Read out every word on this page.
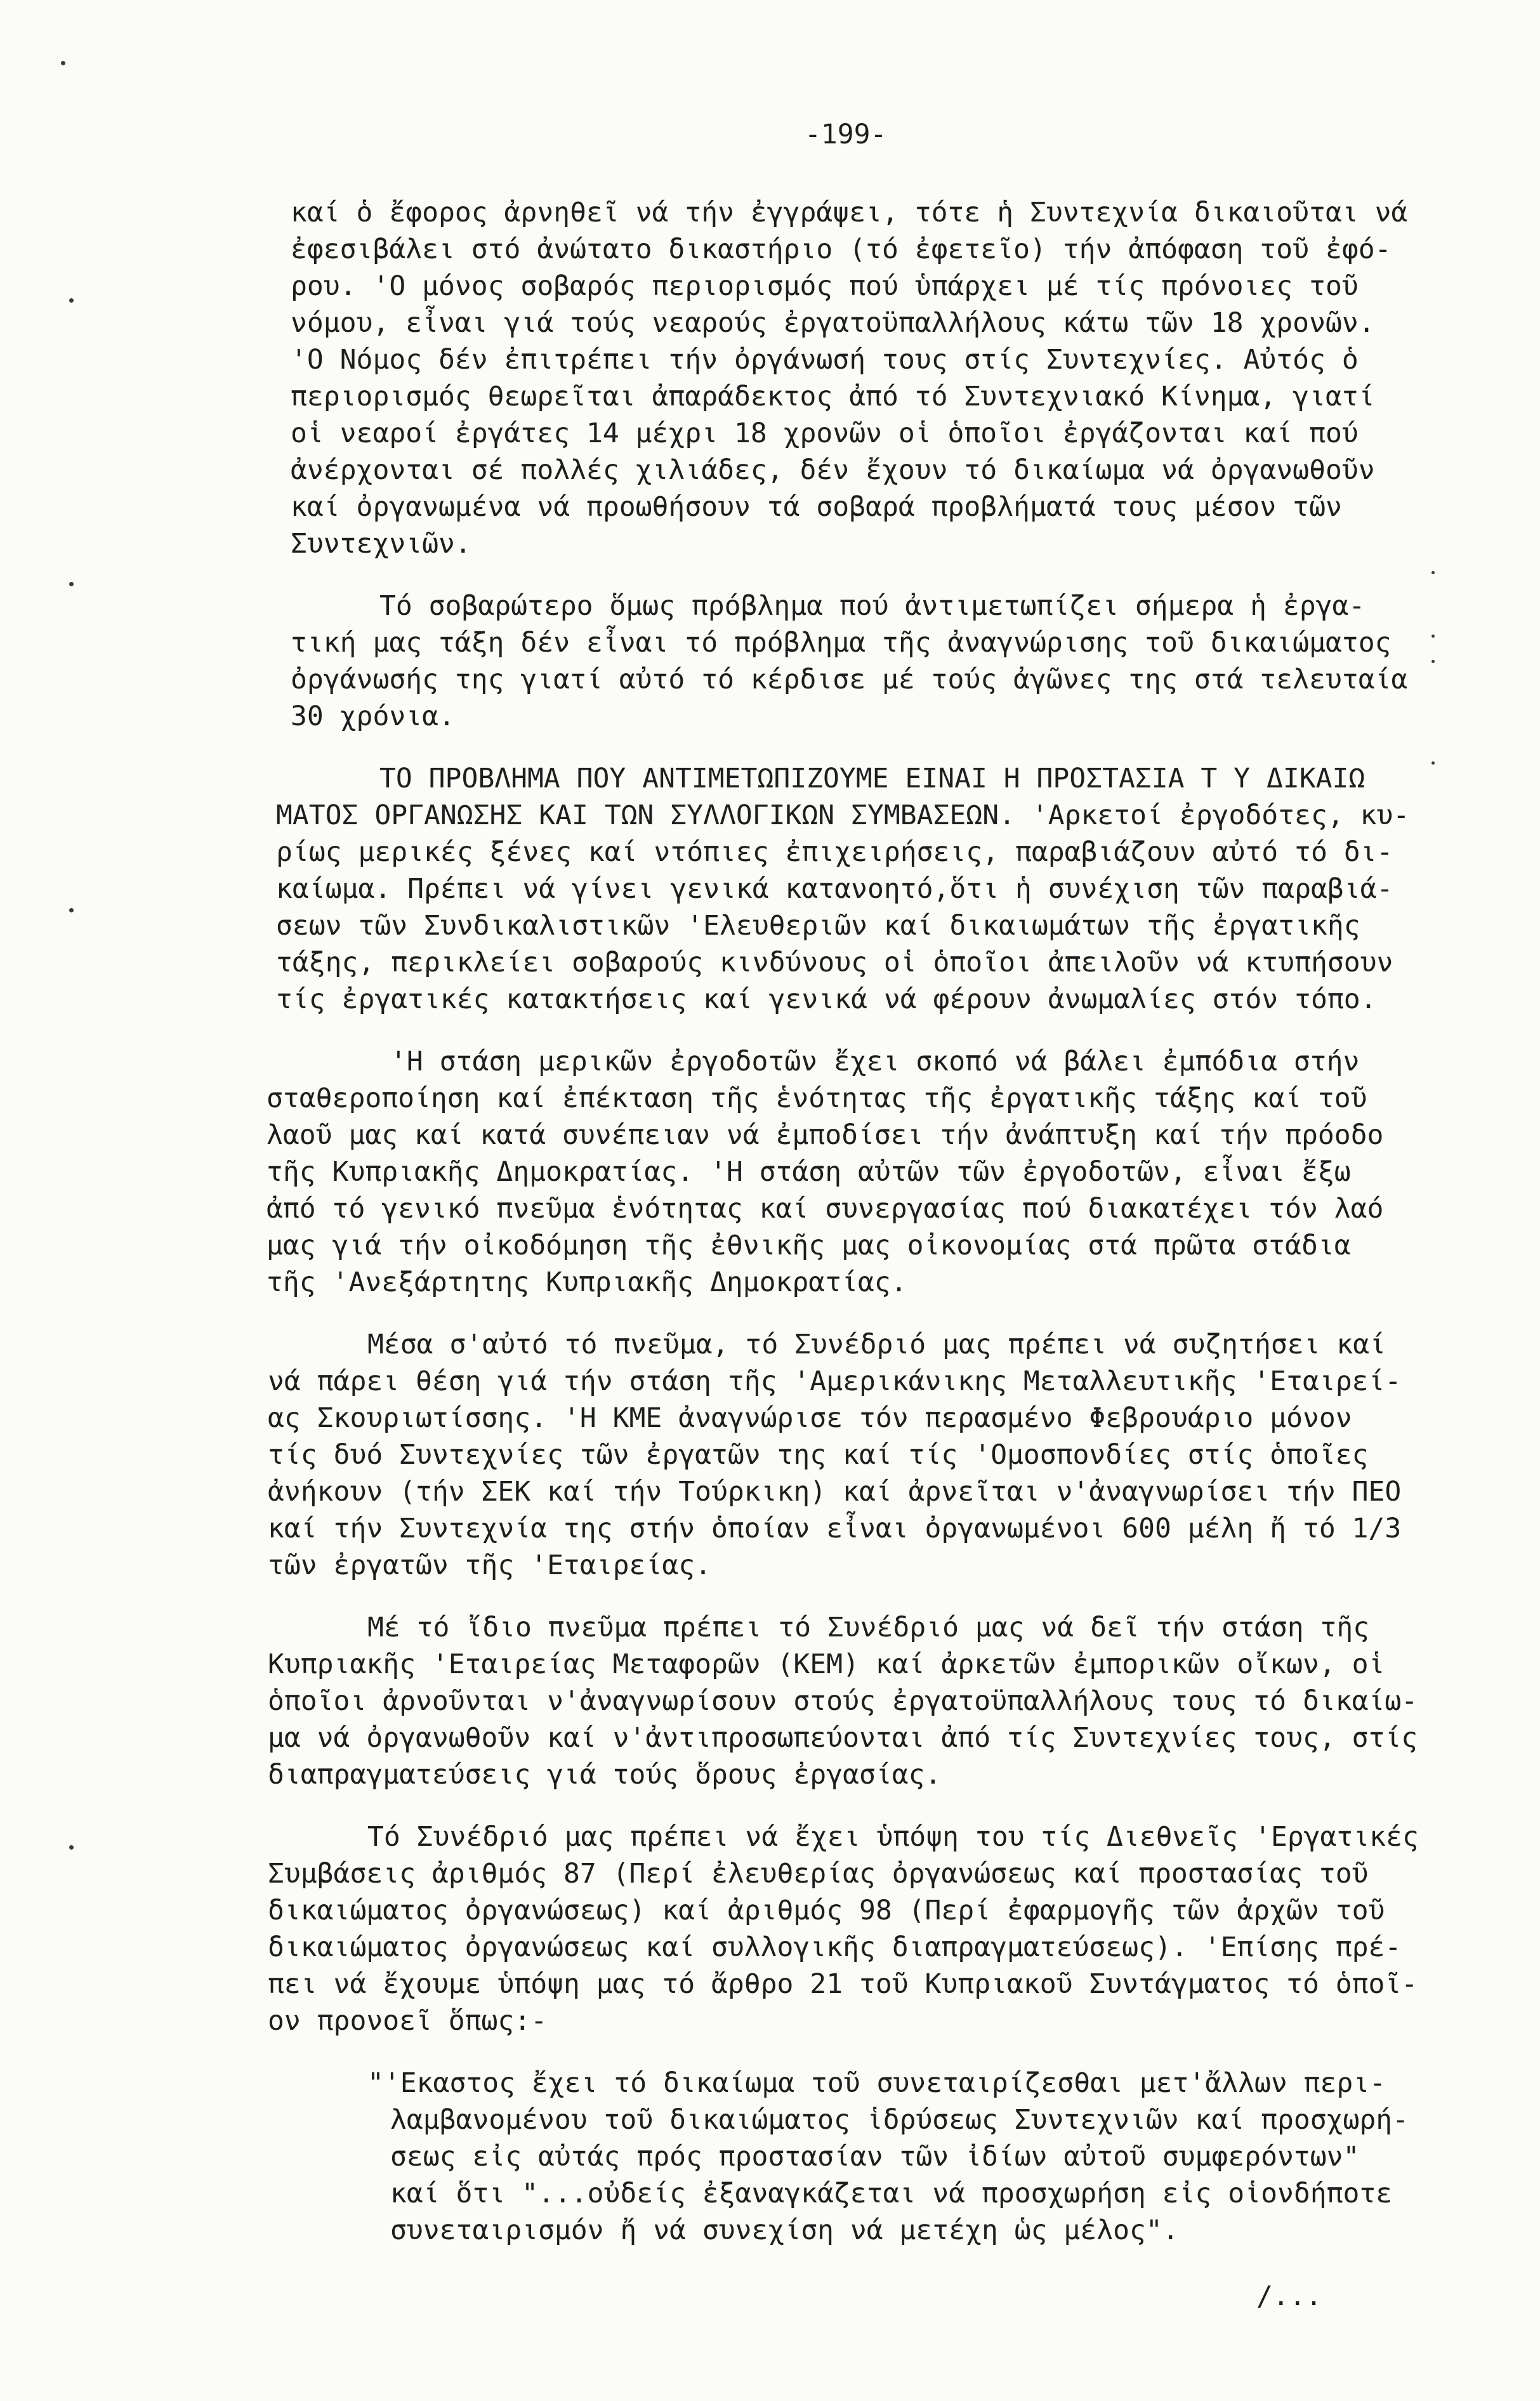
-199-
καί ὁ ἔφορος ἀρνηθεῖ νά τήν ἐγγράψει, τότε ἡ Συντεχνία δικαιοῦται νά
ἐφεσιβάλει στό ἀνώτατο δικαστήριο (τό ἐφετεῖο) τήν ἀπόφαση τοῦ ἐφό-
ρου. 'Ο μόνος σοβαρός περιορισμός πού ὑπάρχει μέ τίς πρόνοιες τοῦ
νόμου, εἶναι γιά τούς νεαρούς ἐργατοϋπαλλήλους κάτω τῶν 18 χρονῶν.
'Ο Νόμος δέν ἐπιτρέπει τήν ὀργάνωσή τους στίς Συντεχνίες. Αὐτός ὁ
περιορισμός θεωρεῖται ἀπαράδεκτος ἀπό τό Συντεχνιακό Κίνημα, γιατί
οἱ νεαροί ἐργάτες 14 μέχρι 18 χρονῶν οἱ ὁποῖοι ἐργάζονται καί πού
ἀνέρχονται σέ πολλές χιλιάδες, δέν ἔχουν τό δικαίωμα νά ὀργανωθοῦν
καί ὀργανωμένα νά προωθήσουν τά σοβαρά προβλήματά τους μέσον τῶν
Συντεχνιῶν.
Τό σοβαρώτερο ὅμως πρόβλημα πού ἀντιμετωπίζει σήμερα ἡ ἐργα-
τική μας τάξη δέν εἶναι τό πρόβλημα τῆς ἀναγνώρισης τοῦ δικαιώματος
ὀργάνωσής της γιατί αὐτό τό κέρδισε μέ τούς ἀγῶνες της στά τελευταία
30 χρόνια.
ΤΟ ΠΡΟΒΛΗΜΑ ΠΟΥ ΑΝΤΙΜΕΤΩΠΙΖΟΥΜΕ ΕΙΝΑΙ Η ΠΡΟΣΤΑΣΙΑ Τ Υ ΔΙΚΑΙΩ
ΜΑΤΟΣ ΟΡΓΑΝΩΣΗΣ ΚΑΙ ΤΩΝ ΣΥΛΛΟΓΙΚΩΝ ΣΥΜΒΑΣΕΩΝ. 'Αρκετοί ἐργοδότες, κυ-
ρίως μερικές ξένες καί ντόπιες ἐπιχειρήσεις, παραβιάζουν αὐτό τό δι-
καίωμα. Πρέπει νά γίνει γενικά κατανοητό,ὅτι ἡ συνέχιση τῶν παραβιά-
σεων τῶν Συνδικαλιστικῶν 'Ελευθεριῶν καί δικαιωμάτων τῆς ἐργατικῆς
τάξης, περικλείει σοβαρούς κινδύνους οἱ ὁποῖοι ἀπειλοῦν νά κτυπήσουν
τίς ἐργατικές κατακτήσεις καί γενικά νά φέρουν ἀνωμαλίες στόν τόπο.
'Η στάση μερικῶν ἐργοδοτῶν ἔχει σκοπό νά βάλει ἐμπόδια στήν
σταθεροποίηση καί ἐπέκταση τῆς ἑνότητας τῆς ἐργατικῆς τάξης καί τοῦ
λαοῦ μας καί κατά συνέπειαν νά ἐμποδίσει τήν ἀνάπτυξη καί τήν πρόοδο
τῆς Κυπριακῆς Δημοκρατίας. 'Η στάση αὐτῶν τῶν ἐργοδοτῶν, εἶναι ἔξω
ἀπό τό γενικό πνεῦμα ἑνότητας καί συνεργασίας πού διακατέχει τόν λαό
μας γιά τήν οἰκοδόμηση τῆς ἐθνικῆς μας οἰκονομίας στά πρῶτα στάδια
τῆς 'Ανεξάρτητης Κυπριακῆς Δημοκρατίας.
Μέσα σ'αὐτό τό πνεῦμα, τό Συνέδριό μας πρέπει νά συζητήσει καί
νά πάρει θέση γιά τήν στάση τῆς 'Αμερικάνικης Μεταλλευτικῆς 'Εταιρεί-
ας Σκουριωτίσσης. 'Η ΚΜΕ ἀναγνώρισε τόν περασμένο Φεβρουάριο μόνον
τίς δυό Συντεχνίες τῶν ἐργατῶν της καί τίς 'Ομοσπονδίες στίς ὁποῖες
ἀνήκουν (τήν ΣΕΚ καί τήν Τούρκικη) καί ἀρνεῖται ν'ἀναγνωρίσει τήν ΠΕΟ
καί τήν Συντεχνία της στήν ὁποίαν εἶναι ὀργανωμένοι 600 μέλη ἤ τό 1/3
τῶν ἐργατῶν τῆς 'Εταιρείας.
Μέ τό ἴδιο πνεῦμα πρέπει τό Συνέδριό μας νά δεῖ τήν στάση τῆς
Κυπριακῆς 'Εταιρείας Μεταφορῶν (ΚΕΜ) καί ἀρκετῶν ἐμπορικῶν οἴκων, οἱ
ὁποῖοι ἀρνοῦνται ν'ἀναγνωρίσουν στούς ἐργατοϋπαλλήλους τους τό δικαίω-
μα νά ὀργανωθοῦν καί ν'ἀντιπροσωπεύονται ἀπό τίς Συντεχνίες τους, στίς
διαπραγματεύσεις γιά τούς ὅρους ἐργασίας.
Τό Συνέδριό μας πρέπει νά ἔχει ὑπόψη του τίς Διεθνεῖς 'Εργατικές
Συμβάσεις ἀριθμός 87 (Περί ἐλευθερίας ὀργανώσεως καί προστασίας τοῦ
δικαιώματος ὀργανώσεως) καί ἀριθμός 98 (Περί ἐφαρμογῆς τῶν ἀρχῶν τοῦ
δικαιώματος ὀργανώσεως καί συλλογικῆς διαπραγματεύσεως). 'Επίσης πρέ-
πει νά ἔχουμε ὑπόψη μας τό ἄρθρο 21 τοῦ Κυπριακοῦ Συντάγματος τό ὁποῖ-
ον προνοεῖ ὅπως:-
"'Εκαστος ἔχει τό δικαίωμα τοῦ συνεταιρίζεσθαι μετ'ἄλλων περι-
λαμβανομένου τοῦ δικαιώματος ἱδρύσεως Συντεχνιῶν καί προσχωρή-
σεως εἰς αὐτάς πρός προστασίαν τῶν ἰδίων αὐτοῦ συμφερόντων"
καί ὅτι "...οὐδείς ἐξαναγκάζεται νά προσχωρήση εἰς οἱονδήποτε
συνεταιρισμόν ἤ νά συνεχίση νά μετέχη ὡς μέλος".
/...
